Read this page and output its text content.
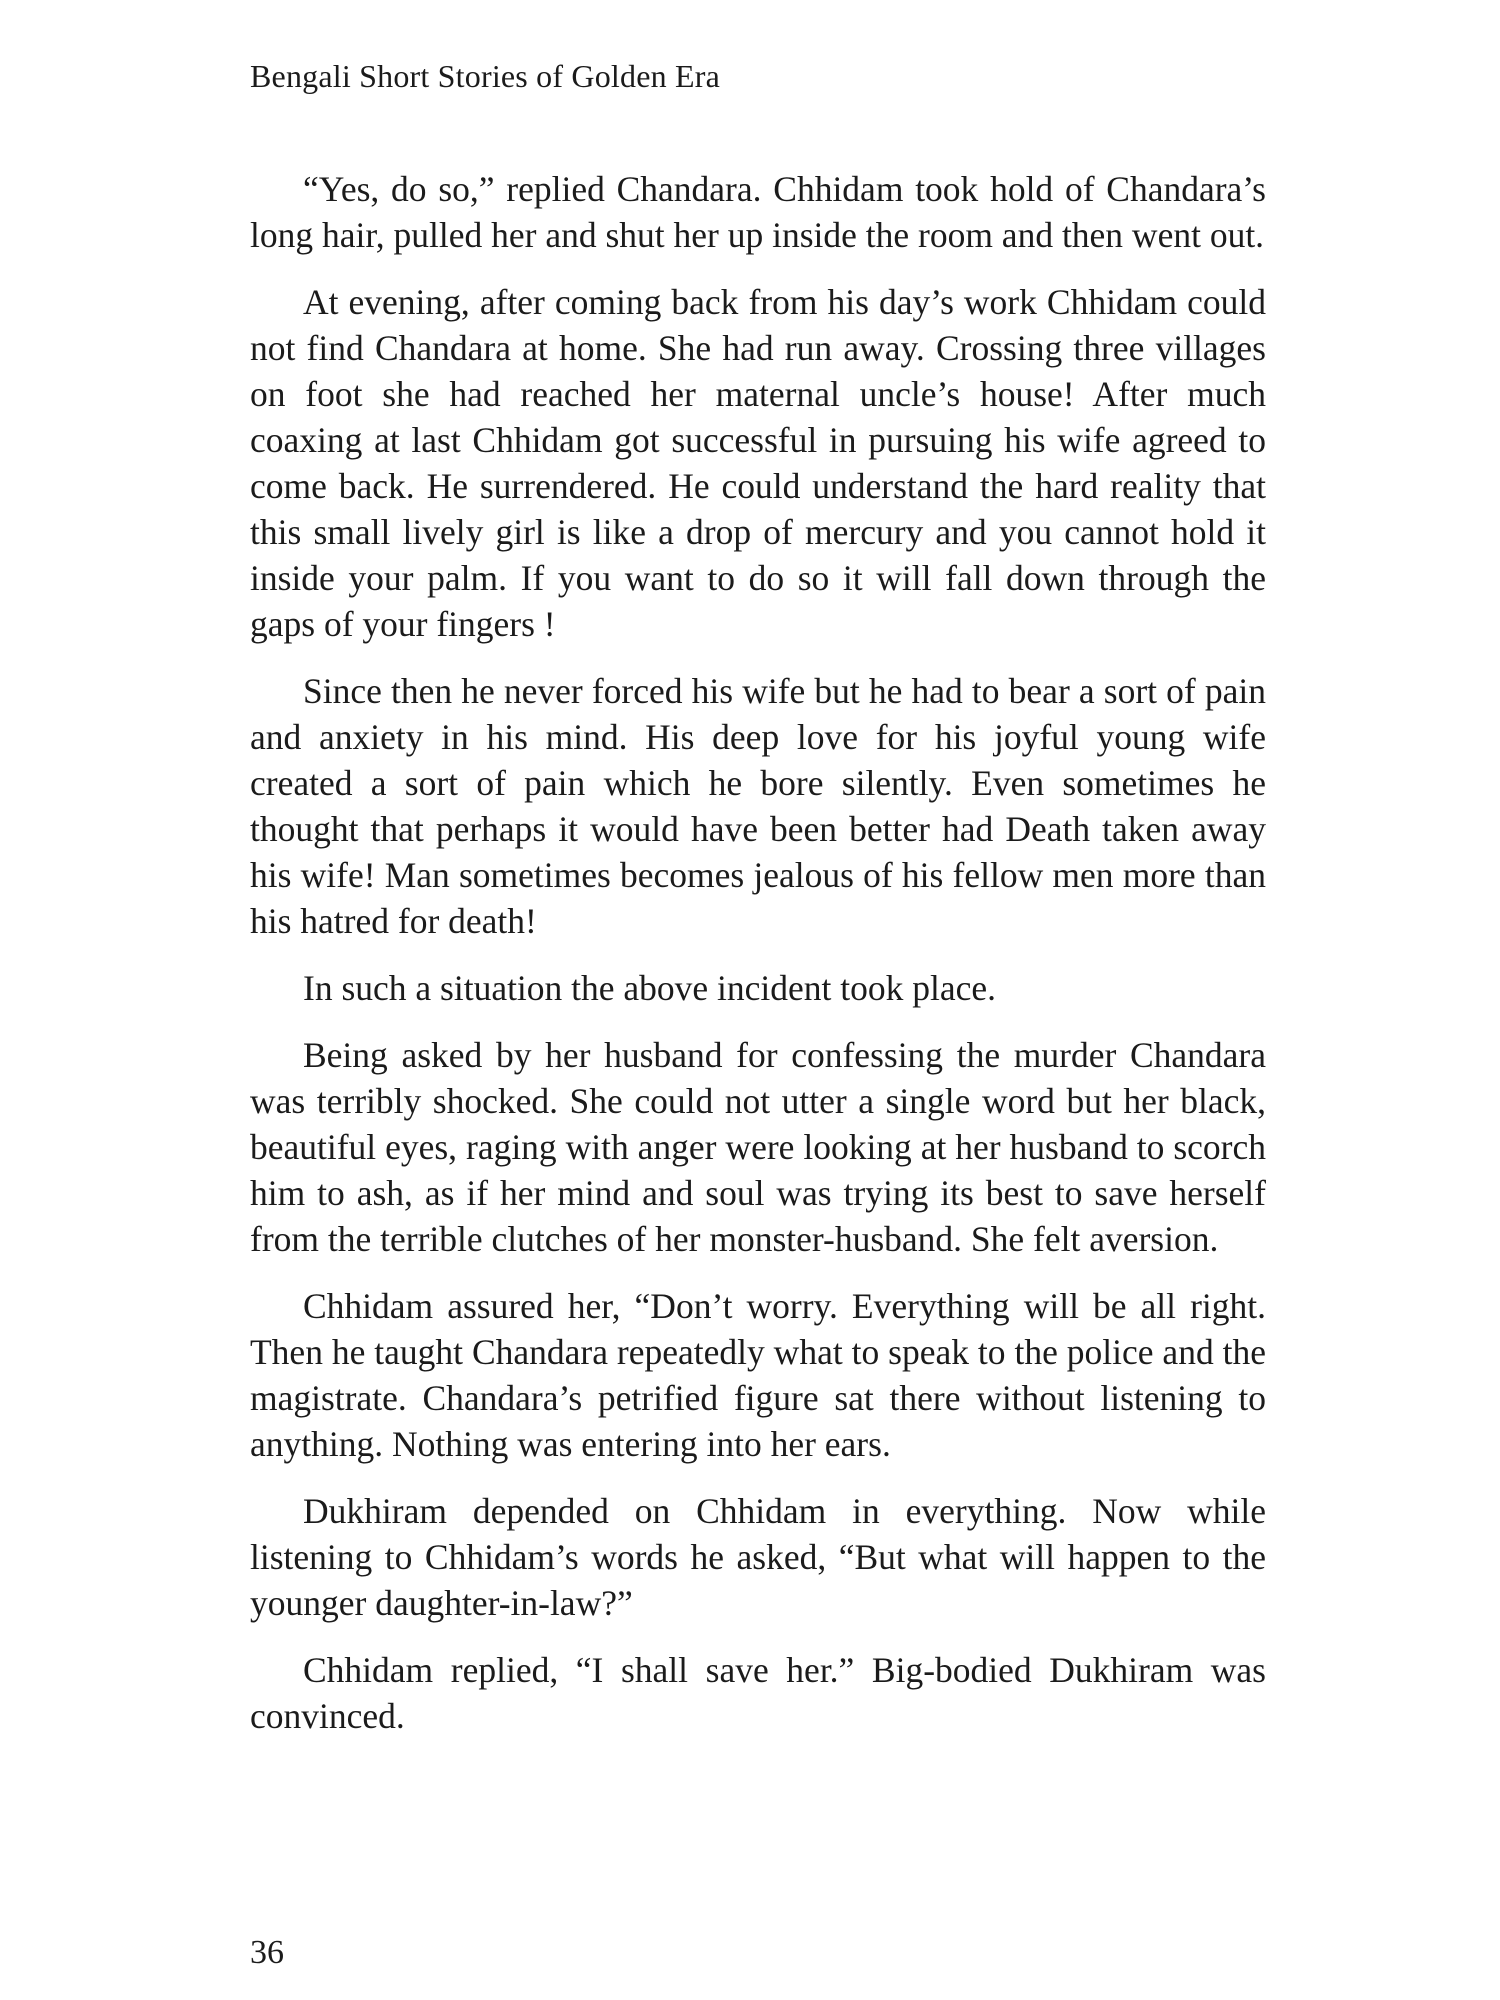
Bengali Short Stories of Golden Era

“Yes, do so,” replied Chandara. Chhidam took hold of Chandara’s long hair, pulled her and shut her up inside the room and then went out.

At evening, after coming back from his day’s work Chhidam could not find Chandara at home. She had run away. Crossing three villages on foot she had reached her maternal uncle’s house! After much coaxing at last Chhidam got successful in pursuing his wife agreed to come back. He surrendered. He could understand the hard reality that this small lively girl is like a drop of mercury and you cannot hold it inside your palm. If you want to do so it will fall down through the gaps of your fingers !

Since then he never forced his wife but he had to bear a sort of pain and anxiety in his mind. His deep love for his joyful young wife created a sort of pain which he bore silently. Even sometimes he thought that perhaps it would have been better had Death taken away his wife! Man sometimes becomes jealous of his fellow men more than his hatred for death!

In such a situation the above incident took place.

Being asked by her husband for confessing the murder Chandara was terribly shocked. She could not utter a single word but her black, beautiful eyes, raging with anger were looking at her husband to scorch him to ash, as if her mind and soul was trying its best to save herself from the terrible clutches of her monster-husband. She felt aversion.

Chhidam assured her, “Don’t worry. Everything will be all right. Then he taught Chandara repeatedly what to speak to the police and the magistrate. Chandara’s petrified figure sat there without listening to anything. Nothing was entering into her ears.

Dukhiram depended on Chhidam in everything. Now while listening to Chhidam’s words he asked, “But what will happen to the younger daughter-in-law?”

Chhidam replied, “I shall save her.” Big-bodied Dukhiram was convinced.

36
